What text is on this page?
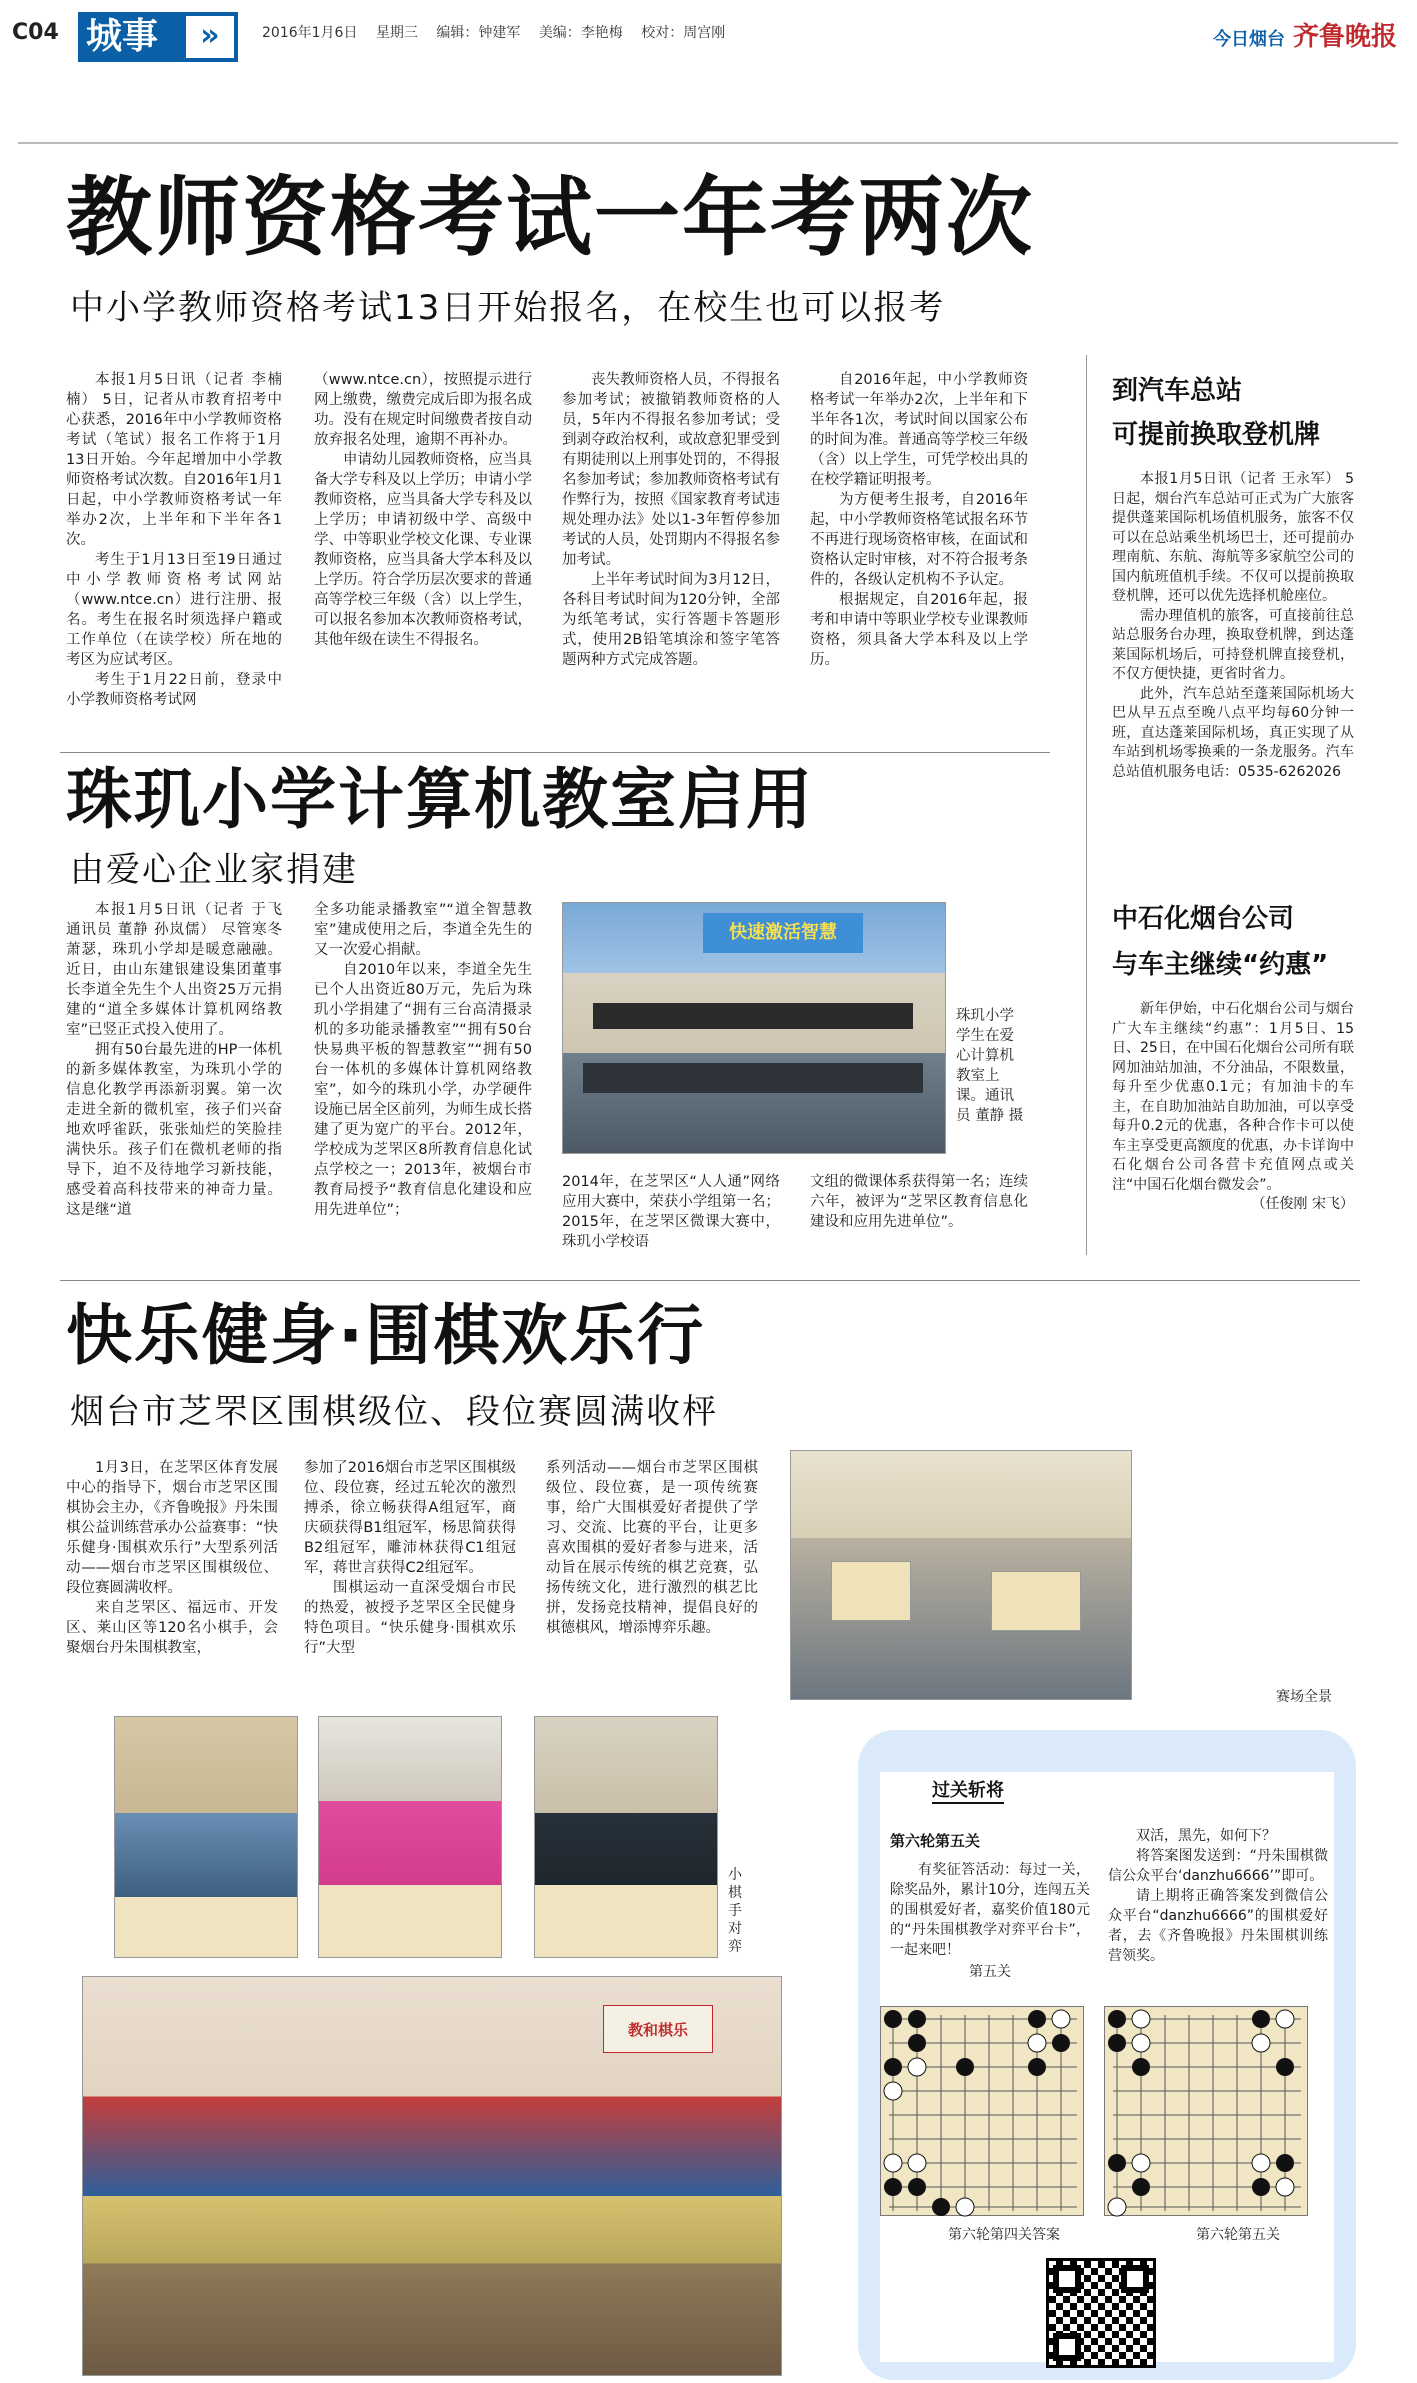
C04 城事	»	2016年1月6日 星期三 编辑：钟建军 美编：李艳梅 校对：周宫刚	今日烟台 齐鲁晚报
教师资格考试一年考两次
中小学教师资格考试13日开始报名，在校生也可以报考

本报1月5日讯（记者 李楠楠） 5日，记者从市教育招考中心获悉，2016年中小学教师资格考试（笔试）报名工作将于1月13日开始。今年起增加中小学教师资格考试次数。自2016年1月1日起，中小学教师资格考试一年举办2次，上半年和下半年各1次。

考生于1月13日至19日通过中小学教师资格考试网站（www.ntce.cn）进行注册、报名。考生在报名时须选择户籍或工作单位（在读学校）所在地的考区为应试考区。

考生于1月22日前，登录中小学教师资格考试网

（www.ntce.cn），按照提示进行网上缴费，缴费完成后即为报名成功。没有在规定时间缴费者按自动放弃报名处理，逾期不再补办。

申请幼儿园教师资格，应当具备大学专科及以上学历；申请小学教师资格，应当具备大学专科及以上学历；申请初级中学、高级中学、中等职业学校文化课、专业课教师资格，应当具备大学本科及以上学历。符合学历层次要求的普通高等学校三年级（含）以上学生，可以报名参加本次教师资格考试，其他年级在读生不得报名。

丧失教师资格人员，不得报名参加考试；被撤销教师资格的人员，5年内不得报名参加考试；受到剥夺政治权利，或故意犯罪受到有期徒刑以上刑事处罚的，不得报名参加考试；参加教师资格考试有作弊行为，按照《国家教育考试违规处理办法》处以1-3年暂停参加考试的人员，处罚期内不得报名参加考试。

上半年考试时间为3月12日，各科目考试时间为120分钟，全部为纸笔考试，实行答题卡答题形式，使用2B铅笔填涂和签字笔答题两种方式完成答题。

自2016年起，中小学教师资格考试一年举办2次，上半年和下半年各1次，考试时间以国家公布的时间为准。普通高等学校三年级（含）以上学生，可凭学校出具的在校学籍证明报考。

为方便考生报考，自2016年起，中小学教师资格笔试报名环节不再进行现场资格审核，在面试和资格认定时审核，对不符合报考条件的，各级认定机构不予认定。

根据规定，自2016年起，报考和申请中等职业学校专业课教师资格，须具备大学本科及以上学历。

到汽车总站
可提前换取登机牌

本报1月5日讯（记者 王永军） 5日起，烟台汽车总站可正式为广大旅客提供蓬莱国际机场值机服务，旅客不仅可以在总站乘坐机场巴士，还可提前办理南航、东航、海航等多家航空公司的国内航班值机手续。不仅可以提前换取登机牌，还可以优先选择机舱座位。

需办理值机的旅客，可直接前往总站总服务台办理，换取登机牌，到达蓬莱国际机场后，可持登机牌直接登机，不仅方便快捷，更省时省力。

此外，汽车总站至蓬莱国际机场大巴从早五点至晚八点平均每60分钟一班，直达蓬莱国际机场，真正实现了从车站到机场零换乘的一条龙服务。汽车总站值机服务电话：0535-6262026

中石化烟台公司
与车主继续“约惠”

新年伊始，中石化烟台公司与烟台广大车主继续“约惠”：1月5日、15日、25日，在中国石化烟台公司所有联网加油站加油，不分油品，不限数量，每升至少优惠0.1元；有加油卡的车主，在自助加油站自助加油，可以享受每升0.2元的优惠，各种合作卡可以使车主享受更高额度的优惠，办卡详询中石化烟台公司各营卡充值网点或关注“中国石化烟台微发会”。

（任俊刚 宋飞）

珠玑小学计算机教室启用
由爱心企业家捐建

本报1月5日讯（记者 于飞 通讯员 董静 孙岚儒） 尽管寒冬萧瑟，珠玑小学却是暖意融融。近日，由山东建银建设集团董事长李道全先生个人出资25万元捐建的“道全多媒体计算机网络教室”已竖正式投入使用了。

拥有50台最先进的HP一体机的新多媒体教室，为珠玑小学的信息化教学再添新羽翼。第一次走进全新的微机室，孩子们兴奋地欢呼雀跃，张张灿烂的笑脸挂满快乐。孩子们在微机老师的指导下，迫不及待地学习新技能，感受着高科技带来的神奇力量。这是继“道

全多功能录播教室”“道全智慧教室”建成使用之后，李道全先生的又一次爱心捐献。

自2010年以来，李道全先生已个人出资近80万元，先后为珠玑小学捐建了“拥有三台高清摄录机的多功能录播教室”“拥有50台快易典平板的智慧教室”“拥有50台一体机的多媒体计算机网络教室”，如今的珠玑小学，办学硬件设施已居全区前列，为师生成长搭建了更为宽广的平台。2012年，学校成为芝罘区8所教育信息化试点学校之一；2013年，被烟台市教育局授予“教育信息化建设和应用先进单位”；

快速激活智慧
珠玑小学学生在爱心计算机教室上课。通讯员 董静 摄

2014年，在芝罘区“人人通”网络应用大赛中，荣获小学组第一名；2015年，在芝罘区微课大赛中，珠玑小学校语

文组的微课体系获得第一名；连续六年，被评为“芝罘区教育信息化建设和应用先进单位”。

快乐健身·围棋欢乐行
烟台市芝罘区围棋级位、段位赛圆满收枰

1月3日，在芝罘区体育发展中心的指导下，烟台市芝罘区围棋协会主办，《齐鲁晚报》丹朱围棋公益训练营承办公益赛事：“快乐健身·围棋欢乐行”大型系列活动——烟台市芝罘区围棋级位、段位赛圆满收枰。

来自芝罘区、福远市、开发区、莱山区等120名小棋手，会聚烟台丹朱围棋教室，

参加了2016烟台市芝罘区围棋级位、段位赛，经过五轮次的激烈搏杀，徐立畅获得A组冠军，商庆硕获得B1组冠军，杨思简获得B2组冠军，雕沛林获得C1组冠军，蒋世言获得C2组冠军。

围棋运动一直深受烟台市民的热爱，被授予芝罘区全民健身特色项目。“快乐健身·围棋欢乐行”大型

系列活动——烟台市芝罘区围棋级位、段位赛，是一项传统赛事，给广大围棋爱好者提供了学习、交流、比赛的平台，让更多喜欢围棋的爱好者参与进来，活动旨在展示传统的棋艺竞赛，弘扬传统文化，进行激烈的棋艺比拼，发扬竞技精神，提倡良好的棋德棋风，增添博弈乐趣。

赛场全景
小棋手对弈
教和棋乐
过关斩将
第六轮第五关

有奖征答活动：每过一关，除奖品外，累计10分，连闯五关的围棋爱好者，嘉奖价值180元的“丹朱围棋教学对弈平台卡”，一起来吧！

第五关

双活，黑先，如何下？

将答案图发送到：“丹朱围棋微信公众平台‘danzhu6666’”即可。

请上期将正确答案发到微信公众平台“danzhu6666”的围棋爱好者，去《齐鲁晚报》丹朱围棋训练营领奖。

第六轮第四关答案	第六轮第五关
